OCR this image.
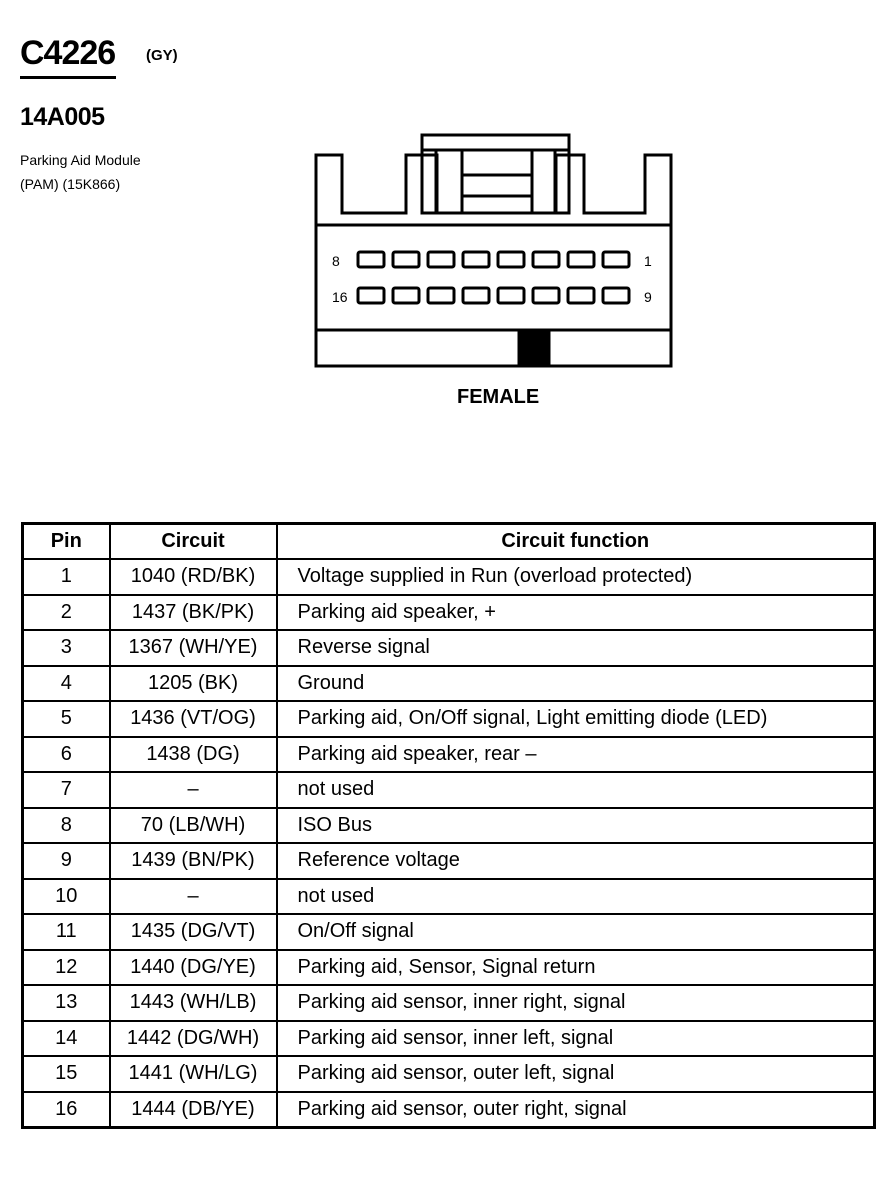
C4226 (GY)
14A005
Parking Aid Module
(PAM) (15K866)
8	1
16	9
FEMALE
Pin	Circuit	Circuit function
1	1040 (RD/BK)	Voltage supplied in Run (overload protected)
2	1437 (BK/PK)	Parking aid speaker, +
3	1367 (WH/YE)	Reverse signal
4	1205 (BK)	Ground
5	1436 (VT/OG)	Parking aid, On/Off signal, Light emitting diode (LED)
6	1438 (DG)	Parking aid speaker, rear –
7	–	not used
8	70 (LB/WH)	ISO Bus
9	1439 (BN/PK)	Reference voltage
10	–	not used
11	1435 (DG/VT)	On/Off signal
12	1440 (DG/YE)	Parking aid, Sensor, Signal return
13	1443 (WH/LB)	Parking aid sensor, inner right, signal
14	1442 (DG/WH)	Parking aid sensor, inner left, signal
15	1441 (WH/LG)	Parking aid sensor, outer left, signal
16	1444 (DB/YE)	Parking aid sensor, outer right, signal
